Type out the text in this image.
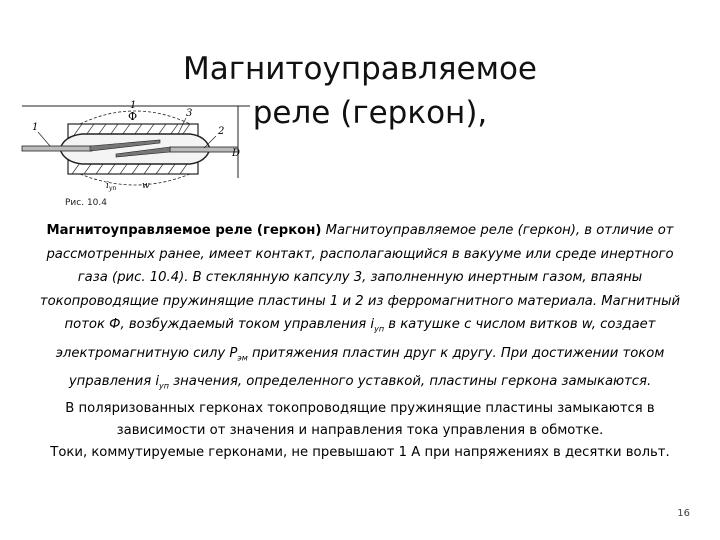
Магнитоуправляемое
реле (геркон),
1	2
3
1
Ф
D
$i_{уп}$	w
Рис. 10.4
Магнитоуправляемое реле (геркон) Магнитоуправляемое реле (геркон), в отличие от рассмотренных ранее, имеет контакт, располагающийся в вакууме или среде инертного газа (рис. 10.4). В стеклянную капсулу 3, заполненную инертным газом, впаяны токопроводящие пружинящие пластины 1 и 2 из ферромагнитного материала. Магнитный поток Ф, возбуждаемый током управления $i_{уп}$ в катушке с числом витков w, создает электромагнитную силу $P_{эм}$ притяжения пластин друг к другу. При достижении током управления $i_{уп}$ значения, определенного уставкой, пластины геркона замыкаются.
В поляризованных герконах токопроводящие пружинящие пластины замыкаются в зависимости от значения и направления тока управления в обмотке.
Токи, коммутируемые герконами, не превышают 1 А при напряжениях в десятки вольт.
16
